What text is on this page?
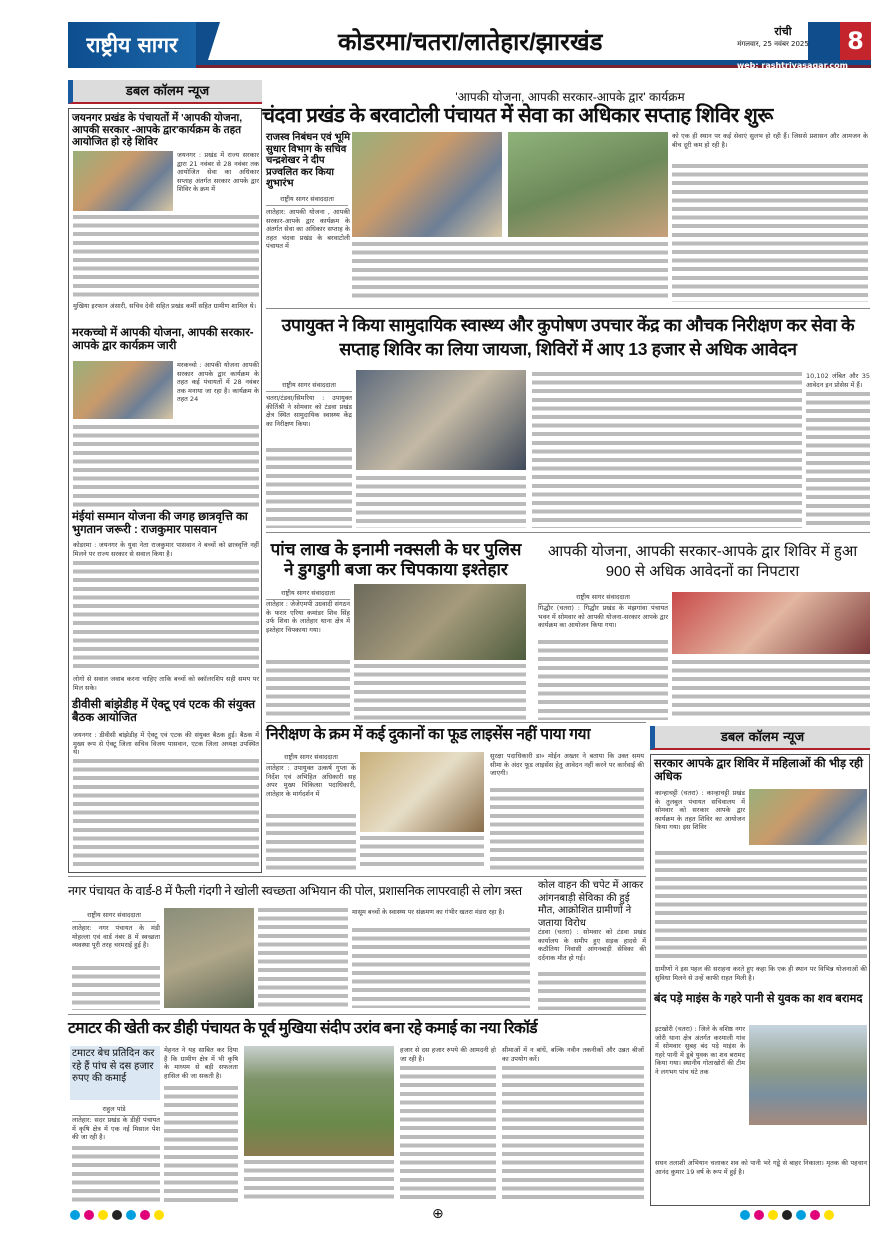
राष्ट्रीय सागर	कोडरमा/चतरा/लातेहार/झारखंड	रांची
मंगलवार, 25 नवंबर 2025 8
web: rashtriyasagar.com
डबल कॉलम न्यूज
जयनगर प्रखंड के पंचायतों में 'आपकी योजना, आपकी सरकार -आपके द्वार'कार्यक्रम के तहत आयोजित हो रहे शिविर
जयनगर : प्रखंड में राज्य सरकार द्वारा 21 नवंबर से 28 नवंबर तक आयोजित सेवा का अधिकार सप्ताह अंतर्गत सरकार आपके द्वार शिविर के क्रम में
मुखिया इरफान अंसारी, सचिव देवी सहित प्रखंड कर्मी सहित ग्रामीण शामिल थे।
मरकच्चो में आपकी योजना, आपकी सरकार-आपके द्वार कार्यक्रम जारी
मरकच्चो : आपकी योजना आपकी सरकार आपके द्वार कार्यक्रम के तहत कई पंचायतों में 28 नवंबर तक मनाया जा रहा है। कार्यक्रम के तहत 24
मंईयां सम्मान योजना की जगह छात्रवृत्ति का भुगतान जरूरी : राजकुमार पासवान
कोडरमा : जयनगर के युवा नेता राजकुमार पासवान ने बच्चों को छात्रवृत्ति नहीं मिलने पर राज्य सरकार से सवाल किया है।
लोगो से सवाल जवाब करना चाहिए ताकि बच्चों को स्कॉलरशिप सही समय पर मिल सके।
डीवीसी बांझेडीह में ऐक्टू एवं एटक की संयुक्त बैठक आयोजित
जयनगर : डीवीसी बांझेडीह में ऐक्टू एवं एटक की संयुक्त बैठक हुई। बैठक में मुख्य रूप से ऐक्टू जिला सचिव विजय पासवान, एटक जिला अध्यक्ष उपस्थित थे।
'आपकी योजना, आपकी सरकार-आपके द्वार' कार्यक्रम
चंदवा प्रखंड के बरवाटोली पंचायत में सेवा का अधिकार सप्ताह शिविर शुरू
राजस्व निबंधन एवं भूमि सुधार विभाग के सचिव चन्द्रशेखर ने दीप प्रज्वलित कर किया शुभारंभ
राष्ट्रीय सागर संवाददाता
लातेहार: आपकी योजना , आपकी सरकार-आपके द्वार कार्यक्रम के अंतर्गत सेवा का अधिकार सप्ताह के तहत चंदवा प्रखंड के बरवाटोली पंचायत में
को एक ही स्थान पर कई सेवाएं सुलभ हो रही हैं। जिससे प्रशासन और आमजन के बीच दूरी कम हो रही है।
उपायुक्त ने किया सामुदायिक स्वास्थ्य और कुपोषण उपचार केंद्र का औचक निरीक्षण कर सेवा के सप्ताह शिविर का लिया जायजा, शिविरों में आए 13 हजार से अधिक आवेदन
राष्ट्रीय सागर संवाददाता
चतरा/टंडवा/सिमरिया : उपायुक्त कीर्तिश्री ने सोमवार को टंडवा प्रखंड क्षेत्र स्थित सामुदायिक स्वास्थ्य केंद्र का निरीक्षण किया।
10,102 लंबित और 35 आवेदन इन प्रोसेस में हैं।
पांच लाख के इनामी नक्सली के घर पुलिस ने डुगडुगी बजा कर चिपकाया इश्तेहार
राष्ट्रीय सागर संवाददाता
लातेहार : जेजेएमपी उग्रवादी संगठन के फरार एरिया कमांडर शिव सिंह उर्फ शिवा के लातेहार थाना क्षेत्र में इश्तेहार चिपकाया गया।
आपकी योजना, आपकी सरकार-आपके द्वार शिविर में हुआ 900 से अधिक आवेदनों का निपटारा
राष्ट्रीय सागर संवाददाता
गिद्धौर (चतरा) : गिद्धौर प्रखंड के मंझगांवा पंचायत भवन में सोमवार को आपकी योजना-सरकार आपके द्वार कार्यक्रम का आयोजन किया गया।
निरीक्षण के क्रम में कई दुकानों का फूड लाइसेंस नहीं पाया गया
राष्ट्रीय सागर संवाददाता
लातेहार : उपायुक्त उत्कर्ष गुप्ता के निर्देश एवं अभिहित अधिकारी सह अपर मुख्य चिकित्सा पदाधिकारी, लातेहार के मार्गदर्शन में
सुरक्षा पदाधिकारी डा० मोईन अख्तर ने बताया कि उक्त समय सीमा के अंदर फूड लाइसेंस हेतु आवेदन नहीं करने पर कार्रवाई की जाएगी।
डबल कॉलम न्यूज
सरकार आपके द्वार शिविर में महिलाओं की भीड़ रही अधिक
कान्हाचट्टी (चतरा) : कान्हाचट्टी प्रखंड के तुलबुल पंचायत सचिवालय में सोमवार को सरकार आपके द्वार कार्यक्रम के तहत शिविर का आयोजन किया गया। इस शिविर
ग्रामीणों ने इस पहल की सराहना करते हुए कहा कि एक ही स्थान पर विभिन्न योजनाओं की सुविधा मिलने से उन्हें काफी राहत मिली है।
बंद पड़े माइंस के गहरे पानी से युवक का शव बरामद
इटखोरी (चतरा) : जिले के वशिष्ठ नगर जोरी थाना क्षेत्र अंतर्गत करमाली गांव में सोमवार सुबह बंद पड़े माइंस के गहरे पानी में डूबे युवक का शव बरामद किया गया। स्थानीय गोताखोरों की टीम ने लगभग पांच घंटे तक
सघन तलाशी अभियान चलाकर शव को पानी भरे गड्ढे से बाहर निकाला। मृतक की पहचान आनंद कुमार 19 वर्ष के रूप में हुई है।
नगर पंचायत के वार्ड-8 में फैली गंदगी ने खोली स्वच्छता अभियान की पोल, प्रशासनिक लापरवाही से लोग त्रस्त
राष्ट्रीय सागर संवाददाता
लातेहार: नगर पंचायत के मंडी मोहल्ला एवं वार्ड नंबर 8 में स्वच्छता व्यवस्था पूरी तरह चरमराई हुई है।
मासूम बच्चों के स्वास्थ्य पर संक्रमण का गंभीर खतरा मंडरा रहा है।
कोल वाहन की चपेट में आकर आंगनबाड़ी सेविका की हुई मौत, आक्रोशित ग्रामीणों ने जताया विरोध
टंडवा (चतरा) : सोमवार को टंडवा प्रखंड कार्यालय के समीप हुए सड़क हादसे में कठौतिया निवासी आंगनबाड़ी सेविका की दर्दनाक मौत हो गई।
टमाटर की खेती कर डीही पंचायत के पूर्व मुखिया संदीप उरांव बना रहे कमाई का नया रिकॉर्ड
टमाटर बेच प्रतिदिन कर रहे हैं पांच से दस हजार रुपए की कमाई
राहुल पांडे
लातेहार: सदर प्रखंड के डीही पंचायत में कृषि क्षेत्र में एक नई मिसाल पेश की जा रही है।
मेहनत ने यह साबित कर दिया है कि ग्रामीण क्षेत्र में भी कृषि के माध्यम से बड़ी सफलता हासिल की जा सकती है।
हजार से दस हजार रुपये की आमदनी हो जा रही है।
सीमाओं में न बांधें, बल्कि नवीन तकनीकों और उन्नत बीजों का उपयोग करें।
⊕
